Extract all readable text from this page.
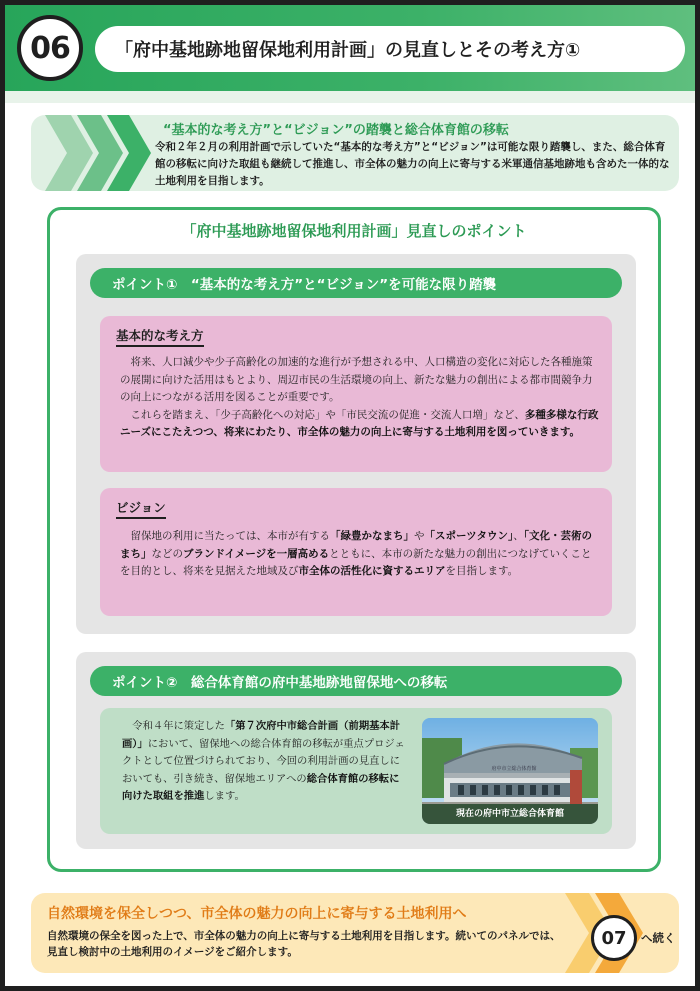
06	「府中基地跡地留保地利用計画」の見直しとその考え方①
“基本的な考え方”と“ビジョン”の踏襲と総合体育館の移転
令和２年２月の利用計画で示していた“基本的な考え方”と“ビジョン”は可能な限り踏襲し、また、総合体育館の移転に向けた取組も継続して推進し、市全体の魅力の向上に寄与する米軍通信基地跡地も含めた一体的な土地利用を目指します。
「府中基地跡地留保地利用計画」見直しのポイント
ポイント①　“基本的な考え方”と“ビジョン”を可能な限り踏襲
基本的な考え方

将来、人口減少や少子高齢化の加速的な進行が予想される中、人口構造の変化に対応した各種施策の展開に向けた活用はもとより、周辺市民の生活環境の向上、新たな魅力の創出による都市間競争力の向上につながる活用を図ることが重要です。

これらを踏まえ、「少子高齢化への対応」や「市民交流の促進・交流人口増」など、多種多様な行政ニーズにこたえつつ、将来にわたり、市全体の魅力の向上に寄与する土地利用を図っていきます。

ビジョン

留保地の利用に当たっては、本市が有する「緑豊かなまち」や「スポーツタウン」、「文化・芸術のまち」などのブランドイメージを一層高めるとともに、本市の新たな魅力の創出につなげていくことを目的とし、将来を見据えた地域及び市全体の活性化に資するエリアを目指します。

ポイント②　総合体育館の府中基地跡地留保地への移転
令和４年に策定した「第７次府中市総合計画（前期基本計画）」において、留保地への総合体育館の移転が重点プロジェクトとして位置づけられており、今回の利用計画の見直しにおいても、引き続き、留保地エリアへの総合体育館の移転に向けた取組を推進します。
府中市立総合体育館
現在の府中市立総合体育館
自然環境を保全しつつ、市全体の魅力の向上に寄与する土地利用へ
自然環境の保全を図った上で、市全体の魅力の向上に寄与する土地利用を目指します。続いてのパネルでは、見直し検討中の土地利用のイメージをご紹介します。
07	へ続く
